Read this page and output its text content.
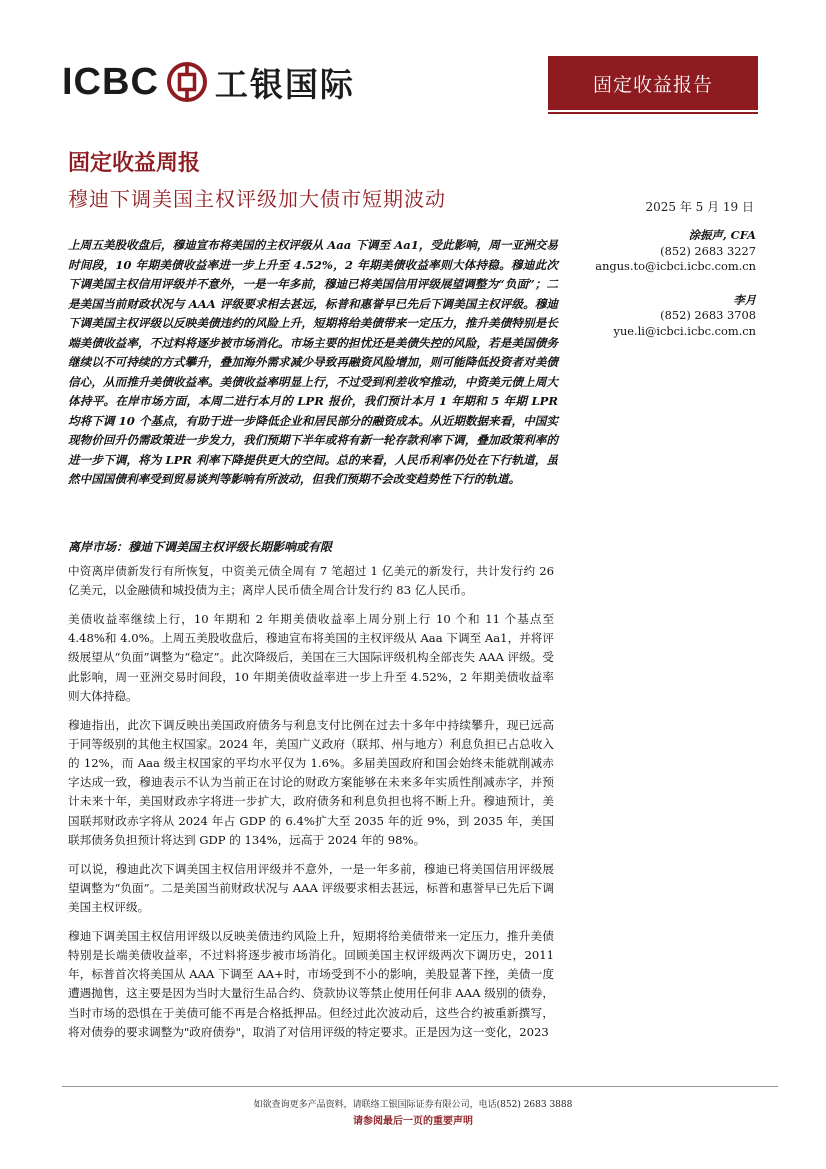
ICBC 工银国际	固定收益报告
固定收益周报
穆迪下调美国主权评级加大债市短期波动	2025 年 5 月 19 日

上周五美股收盘后，穆迪宣布将美国的主权评级从 Aaa 下调至 Aa1，受此影响，周一亚洲交易时间段，10 年期美债收益率进一步上升至 4.52%，2 年期美债收益率则大体持稳。穆迪此次下调美国主权信用评级并不意外，一是一年多前，穆迪已将美国信用评级展望调整为“负面”；二是美国当前财政状况与 AAA 评级要求相去甚远，标普和惠誉早已先后下调美国主权评级。穆迪下调美国主权评级以反映美债违约的风险上升，短期将给美债带来一定压力，推升美债特别是长端美债收益率，不过料将逐步被市场消化。市场主要的担忧还是美债失控的风险，若是美国债务继续以不可持续的方式攀升，叠加海外需求减少导致再融资风险增加，则可能降低投资者对美债信心，从而推升美债收益率。美债收益率明显上行，不过受到利差收窄推动，中资美元债上周大体持平。在岸市场方面，本周二进行本月的 LPR 报价，我们预计本月 1 年期和 5 年期 LPR 均将下调 10 个基点，有助于进一步降低企业和居民部分的融资成本。从近期数据来看，中国实现物价回升仍需政策进一步发力，我们预期下半年或将有新一轮存款利率下调，叠加政策利率的进一步下调，将为 LPR 利率下降提供更大的空间。总的来看，人民币利率仍处在下行轨道，虽然中国国债利率受到贸易谈判等影响有所波动，但我们预期不会改变趋势性下行的轨道。

涂振声, CFA
(852) 2683 3227
angus.to@icbci.icbc.com.cn
李月
(852) 2683 3708
yue.li@icbci.icbc.com.cn
离岸市场：穆迪下调美国主权评级长期影响或有限

中资离岸债新发行有所恢复，中资美元债全周有 7 笔超过 1 亿美元的新发行，共计发行约 26 亿美元，以金融债和城投债为主；离岸人民币债全周合计发行约 83 亿人民币。

美债收益率继续上行，10 年期和 2 年期美债收益率上周分别上行 10 个和 11 个基点至 4.48%和 4.0%。上周五美股收盘后，穆迪宣布将美国的主权评级从 Aaa 下调至 Aa1，并将评级展望从“负面”调整为“稳定”。此次降级后，美国在三大国际评级机构全部丧失 AAA 评级。受此影响，周一亚洲交易时间段，10 年期美债收益率进一步上升至 4.52%，2 年期美债收益率则大体持稳。

穆迪指出，此次下调反映出美国政府债务与利息支付比例在过去十多年中持续攀升，现已远高于同等级别的其他主权国家。2024 年，美国广义政府（联邦、州与地方）利息负担已占总收入的 12%，而 Aaa 级主权国家的平均水平仅为 1.6%。多届美国政府和国会始终未能就削减赤字达成一致，穆迪表示不认为当前正在讨论的财政方案能够在未来多年实质性削减赤字，并预计未来十年，美国财政赤字将进一步扩大，政府债务和利息负担也将不断上升。穆迪预计，美国联邦财政赤字将从 2024 年占 GDP 的 6.4%扩大至 2035 年的近 9%，到 2035 年，美国联邦债务负担预计将达到 GDP 的 134%，远高于 2024 年的 98%。

可以说，穆迪此次下调美国主权信用评级并不意外，一是一年多前，穆迪已将美国信用评级展望调整为“负面”。二是美国当前财政状况与 AAA 评级要求相去甚远，标普和惠誉早已先后下调美国主权评级。

穆迪下调美国主权信用评级以反映美债违约风险上升，短期将给美债带来一定压力，推升美债特别是长端美债收益率，不过料将逐步被市场消化。回顾美国主权评级两次下调历史，2011 年，标普首次将美国从 AAA 下调至 AA+时，市场受到不小的影响，美股显著下挫，美债一度遭遇抛售，这主要是因为当时大量衍生品合约、贷款协议等禁止使用任何非 AAA 级别的债券，当时市场的恐惧在于美债可能不再是合格抵押品。但经过此次波动后，这些合约被重新撰写，将对债券的要求调整为"政府债券"，取消了对信用评级的特定要求。正是因为这一变化，2023

如欲查询更多产品资料，请联络工银国际证券有限公司，电话(852) 2683 3888
请参阅最后一页的重要声明
